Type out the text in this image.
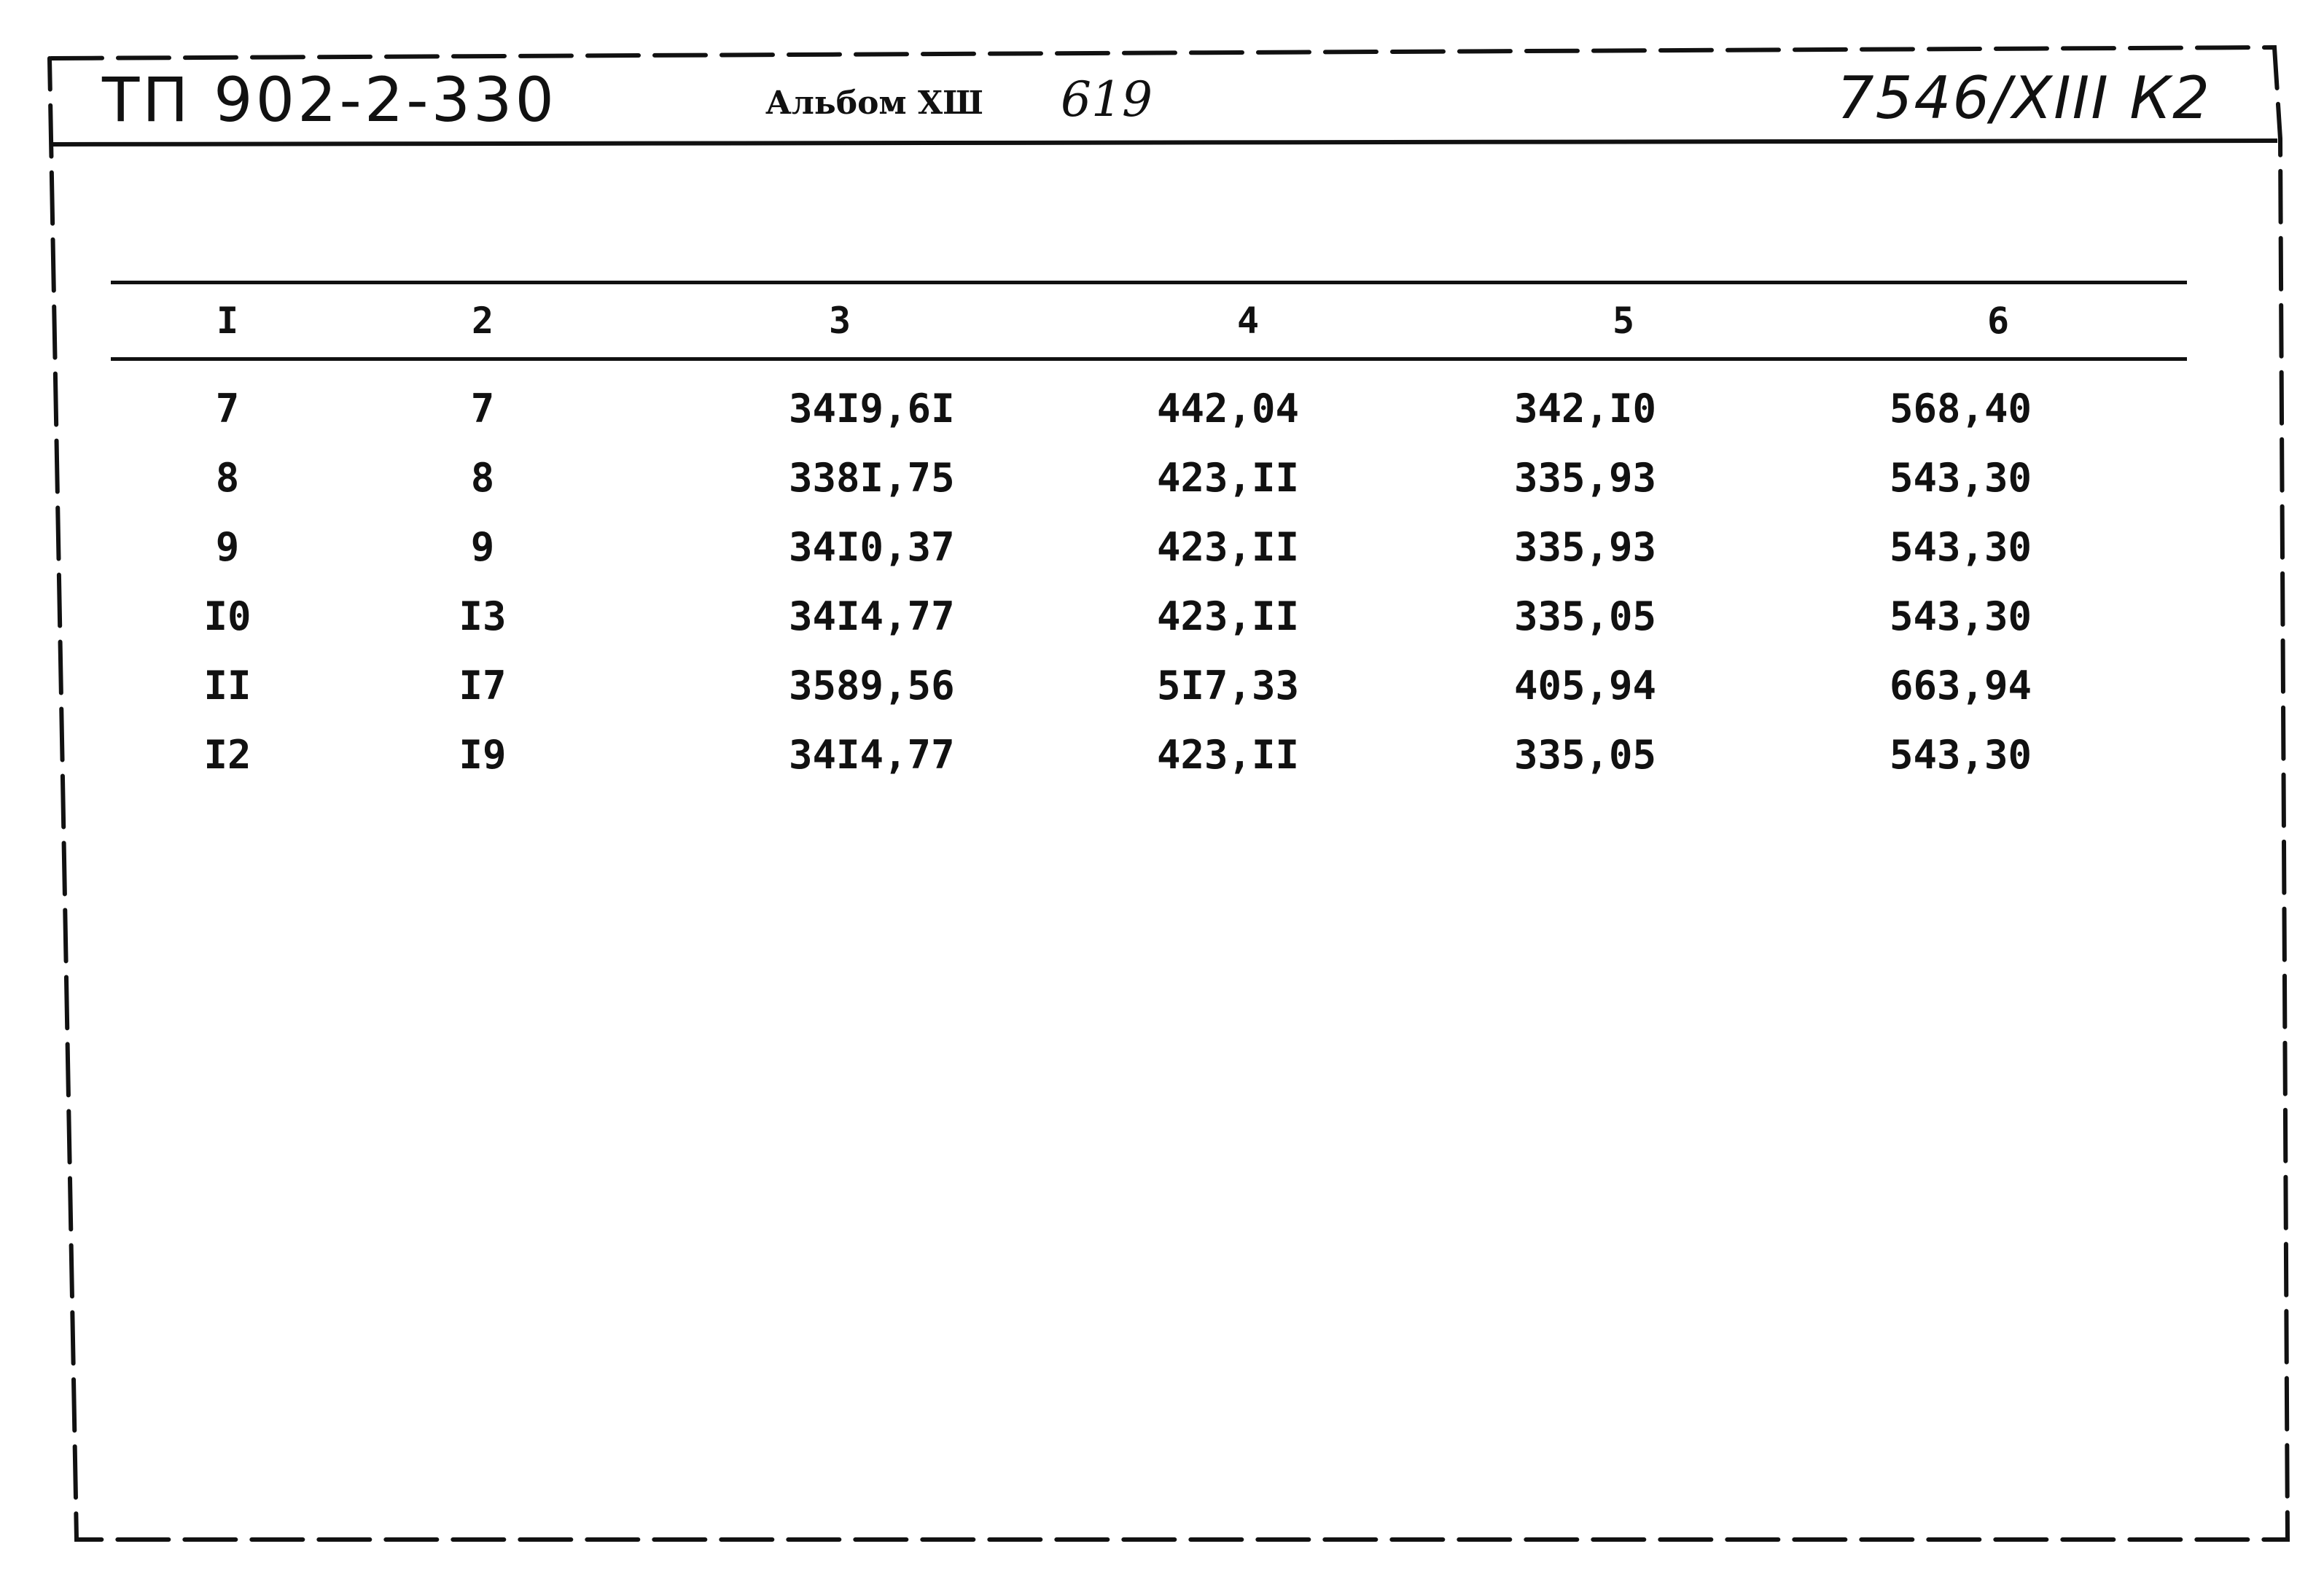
ТП 902-2-330	Альбом XШ 619	7546/XIII К2
I	2	3	4	5	6
7	7	34I9,6I	442,04	342,I0	568,40
8	8	338I,75	423,II	335,93	543,30
9	9	34I0,37	423,II	335,93	543,30
I0	I3	34I4,77	423,II	335,05	543,30
II	I7	3589,56	5I7,33	405,94	663,94
I2	I9	34I4,77	423,II	335,05	543,30
